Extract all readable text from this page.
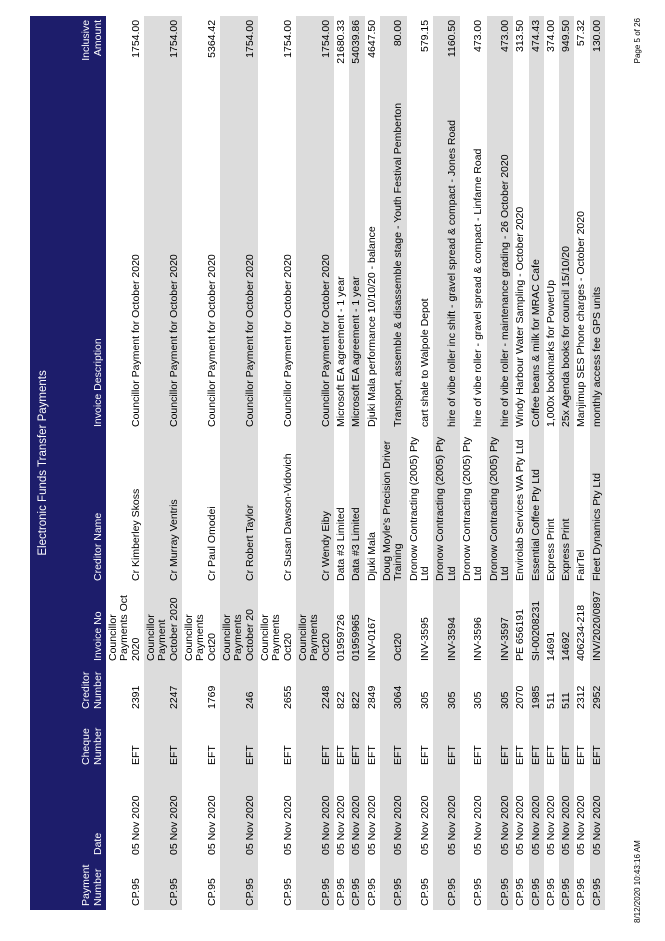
Electronic Funds Transfer Payments							
Payment Number	Date	Cheque Number	Creditor Number	Invoice No	Creditor Name	Invoice Description	Inclusive Amount
CP.95	05 Nov 2020	EFT	2391	Councillor Payments Oct 2020	Cr Kimberley Skoss	Councillor Payment for October 2020	1754.00
CP.95	05 Nov 2020	EFT	2247	Councillor Payment October 2020	Cr Murray Ventris	Councillor Payment for October 2020	1754.00
CP.95	05 Nov 2020	EFT	1769	Councillor Payments Oct20	Cr Paul Omodei	Councillor Payment for October 2020	5364.42
CP.95	05 Nov 2020	EFT	246	Councillor Payments October 20	Cr Robert Taylor	Councillor Payment for October 2020	1754.00
CP.95	05 Nov 2020	EFT	2655	Councillor Payments Oct20	Cr Susan Dawson-Vidovich	Councillor Payment for October 2020	1754.00
CP.95	05 Nov 2020	EFT	2248	Councillor Payments Oct20	Cr Wendy Eiby	Councillor Payment for October 2020	1754.00
CP.95	05 Nov 2020	EFT	822	01959726	Data #3 Limited	Microsoft EA agreement - 1 year	21680.33
CP.95	05 Nov 2020	EFT	822	01959965	Data #3 Limited	Microsoft EA agreement - 1 year	54039.86
CP.95	05 Nov 2020	EFT	2849	INV-0167	Djuki Mala	Djuki Mala performance 10/10/20 - balance	4647.50
CP.95	05 Nov 2020	EFT	3064	Oct20	Doug Moyle's Precision Driver Training	Transport, assemble & disassemble stage - Youth Festival Pemberton	80.00
CP.95	05 Nov 2020	EFT	305	INV-3595	Dronow Contracting (2005) Pty Ltd	cart shale to Walpole Depot	579.15
CP.95	05 Nov 2020	EFT	305	INV-3594	Dronow Contracting (2005) Pty Ltd	hire of vibe roller inc shift - gravel spread & compact - Jones Road	1160.50
CP.95	05 Nov 2020	EFT	305	INV-3596	Dronow Contracting (2005) Pty Ltd	hire of vibe roller - gravel spread & compact - Linfarne Road	473.00
CP.95	05 Nov 2020	EFT	305	INV-3597	Dronow Contracting (2005) Pty Ltd	hire of vibe roller - maintenance grading - 26 October 2020	473.00
CP.95	05 Nov 2020	EFT	2070	PE 656191	Envirolab Services WA Pty Ltd	Windy Harbour Water Sampling - October 2020	313.50
CP.95	05 Nov 2020	EFT	1985	SI-00208231	Essential Coffee Pty Ltd	Coffee beans & milk for MRAC Cafe	474.43
CP.95	05 Nov 2020	EFT	511	14691	Express Print	1,000x bookmarks for PowerUp	374.00
CP.95	05 Nov 2020	EFT	511	14692	Express Print	25x Agenda books for council 15/10/20	949.50
CP.95	05 Nov 2020	EFT	2312	406234-218	FairTel	Manjimup SES Phone charges - October 2020	57.32
CP.95	05 Nov 2020	EFT	2952	INV/2020/0897	Fleet Dynamics Pty Ltd	monthly access fee GPS units	130.00
8/12/2020 10:43:16 AM
Page 5 of 26
